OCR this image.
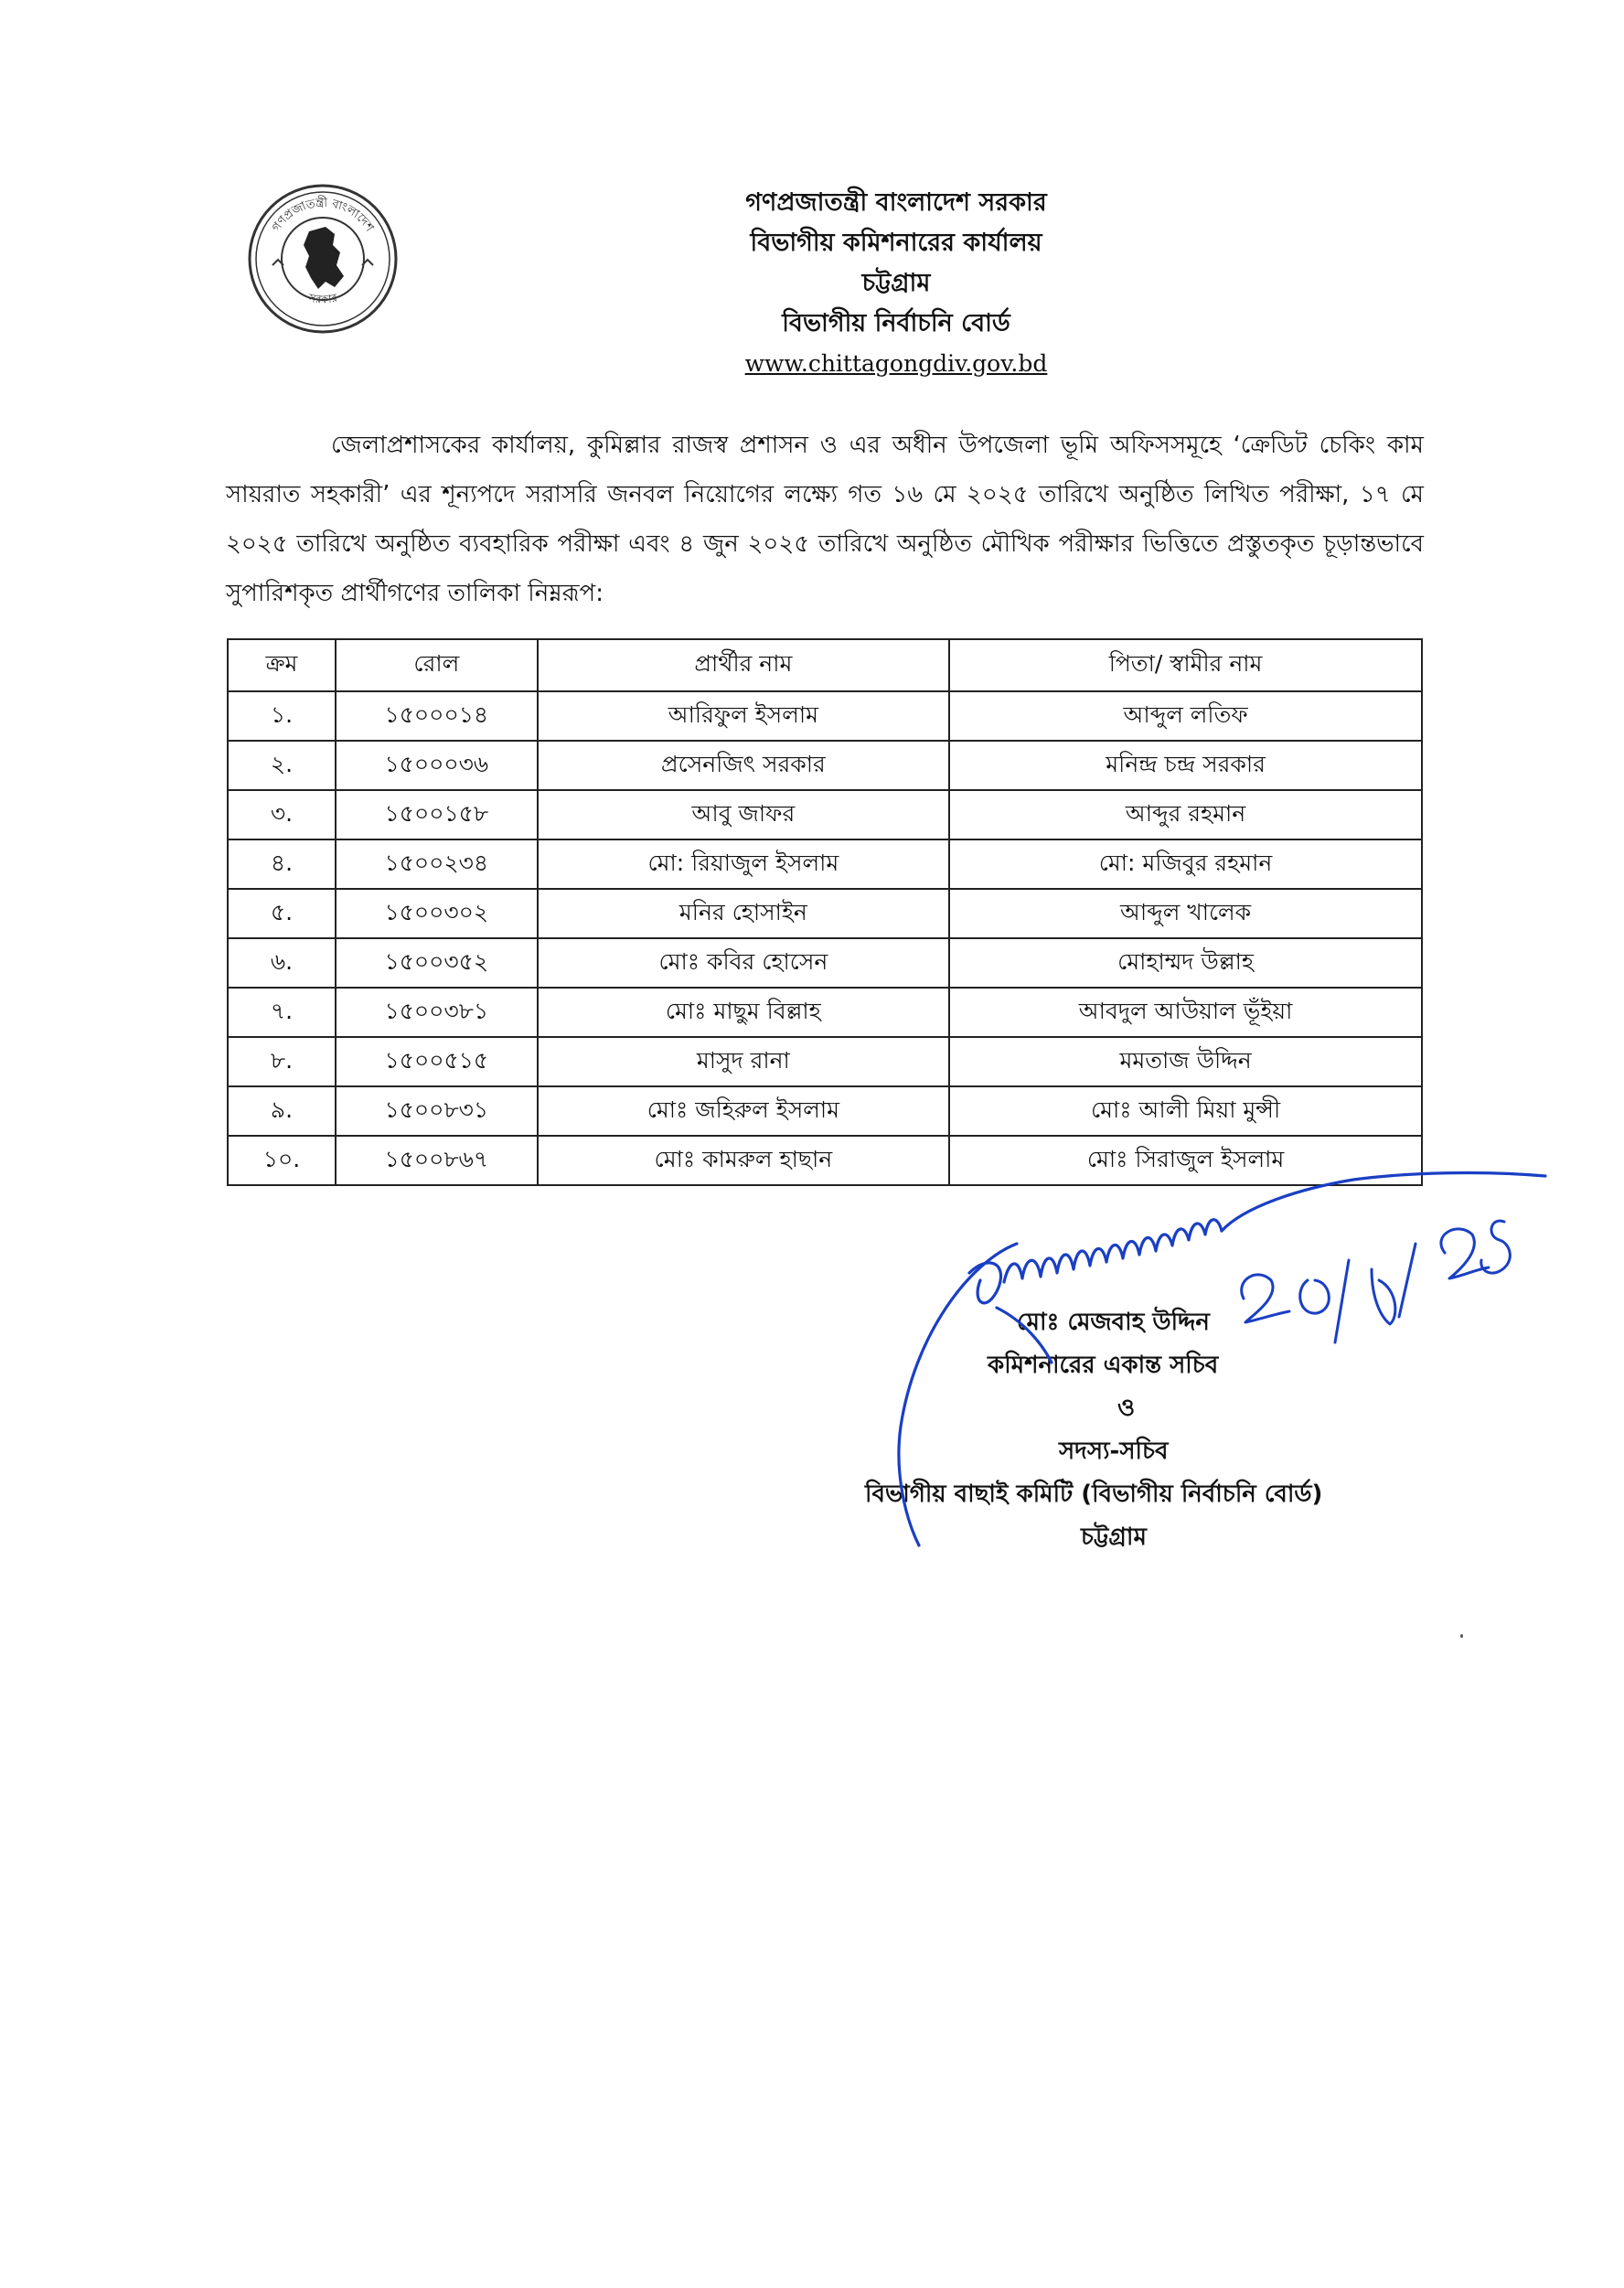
গণপ্রজাতন্ত্রী বাংলাদেশ
সরকার
গণপ্রজাতন্ত্রী বাংলাদেশ সরকার
বিভাগীয় কমিশনারের কার্যালয়
চট্টগ্রাম
বিভাগীয় নির্বাচনি বোর্ড
www.chittagongdiv.gov.bd
জেলাপ্রশাসকের কার্যালয়, কুমিল্লার রাজস্ব প্রশাসন ও এর অধীন উপজেলা ভূমি অফিসসমূহে ‘ক্রেডিট চেকিং কাম সায়রাত সহকারী’ এর শূন্যপদে সরাসরি জনবল নিয়োগের লক্ষ্যে গত ১৬ মে ২০২৫ তারিখে অনুষ্ঠিত লিখিত পরীক্ষা, ১৭ মে ২০২৫ তারিখে অনুষ্ঠিত ব্যবহারিক পরীক্ষা এবং ৪ জুন ২০২৫ তারিখে অনুষ্ঠিত মৌখিক পরীক্ষার ভিত্তিতে প্রস্তুতকৃত চূড়ান্তভাবে সুপারিশকৃত প্রার্থীগণের তালিকা নিম্নরূপ:
ক্রম	রোল	প্রার্থীর নাম	পিতা/ স্বামীর নাম
১.	১৫০০০১৪	আরিফুল ইসলাম	আব্দুল লতিফ
২.	১৫০০০৩৬	প্রসেনজিৎ সরকার	মনিন্দ্র চন্দ্র সরকার
৩.	১৫০০১৫৮	আবু জাফর	আব্দুর রহমান
৪.	১৫০০২৩৪	মো: রিয়াজুল ইসলাম	মো: মজিবুর রহমান
৫.	১৫০০৩০২	মনির হোসাইন	আব্দুল খালেক
৬.	১৫০০৩৫২	মোঃ কবির হোসেন	মোহাম্মদ উল্লাহ
৭.	১৫০০৩৮১	মোঃ মাছুম বিল্লাহ	আবদুল আউয়াল ভূঁইয়া
৮.	১৫০০৫১৫	মাসুদ রানা	মমতাজ উদ্দিন
৯.	১৫০০৮৩১	মোঃ জহিরুল ইসলাম	মোঃ আলী মিয়া মুন্সী
১০.	১৫০০৮৬৭	মোঃ কামরুল হাছান	মোঃ সিরাজুল ইসলাম
মোঃ মেজবাহ উদ্দিন
কমিশনারের একান্ত সচিব
ও
সদস্য-সচিব
বিভাগীয় বাছাই কমিটি (বিভাগীয় নির্বাচনি বোর্ড)
চট্টগ্রাম
